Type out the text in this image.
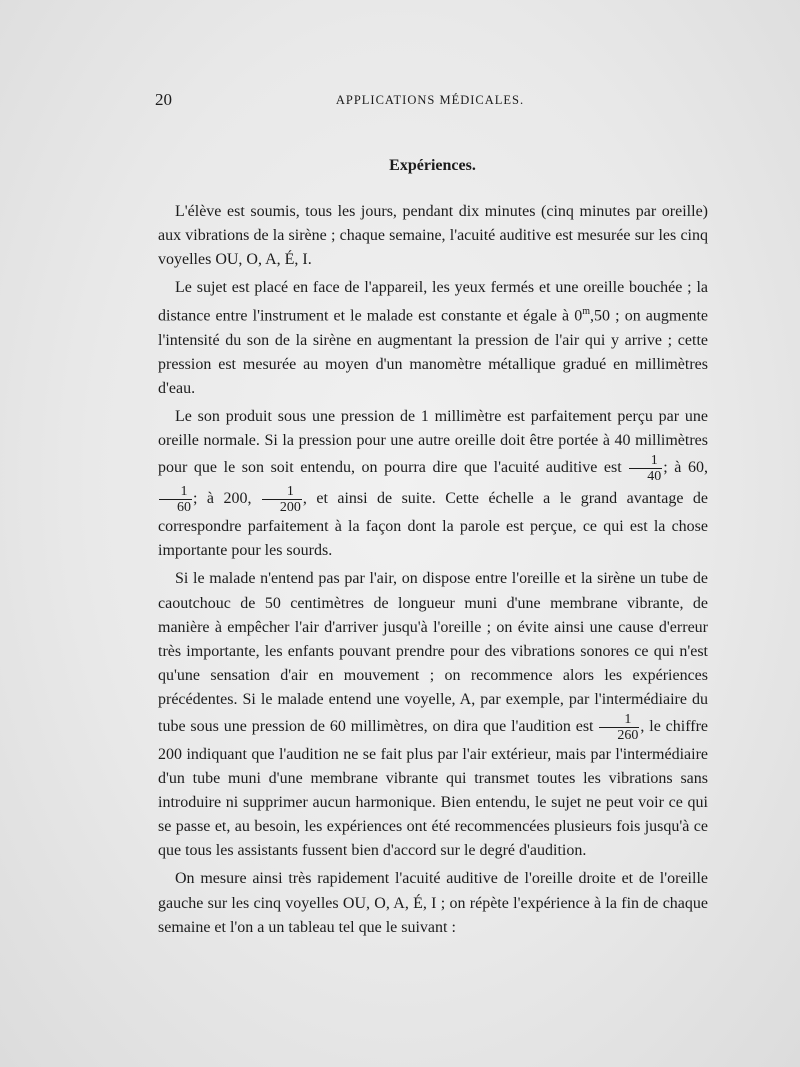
20	APPLICATIONS MÉDICALES.
Expériences.

L'élève est soumis, tous les jours, pendant dix minutes (cinq minutes par oreille) aux vibrations de la sirène ; chaque semaine, l'acuité auditive est mesurée sur les cinq voyelles OU, O, A, É, I.

Le sujet est placé en face de l'appareil, les yeux fermés et une oreille bouchée ; la distance entre l'instrument et le malade est constante et égale à 0$^m$,50 ; on augmente l'intensité du son de la sirène en augmentant la pression de l'air qui y arrive ; cette pression est mesurée au moyen d'un manomètre métallique gradué en millimètres d'eau.

Le son produit sous une pression de 1 millimètre est parfaitement perçu par une oreille normale. Si la pression pour une autre oreille doit être portée à 40 millimètres pour que le son soit entendu, on pourra dire que l'acuité auditive est $\frac{1}{40}$ ; à 60,
$\frac{1}{60}$ ; à 200, $\frac{1}{200}$ , et ainsi de suite. Cette échelle a le grand avantage de correspondre parfaitement à la façon dont la parole est perçue, ce qui est la chose importante pour les sourds.

Si le malade n'entend pas par l'air, on dispose entre l'oreille et la sirène un tube de caoutchouc de 50 centimètres de longueur muni d'une membrane vibrante, de manière à empêcher l'air d'arriver jusqu'à l'oreille ; on évite ainsi une cause d'erreur très importante, les enfants pouvant prendre pour des vibrations sonores ce qui n'est qu'une sensation d'air en mouvement ; on recommence alors les expériences précédentes. Si le malade entend une voyelle, A, par exemple, par l'intermédiaire du tube sous une pression de 60 millimètres, on dira que l'audition est $\frac{1}{260}$ , le chiffre 200 indiquant que l'audition ne se fait plus par l'air extérieur, mais par l'intermédiaire d'un tube muni d'une membrane vibrante qui transmet toutes les vibrations sans introduire ni supprimer aucun harmonique. Bien entendu, le sujet ne peut voir ce qui se passe et, au besoin, les expériences ont été recommencées plusieurs fois jusqu'à ce que tous les assistants fussent bien d'accord sur le degré d'audition.

On mesure ainsi très rapidement l'acuité auditive de l'oreille droite et de l'oreille gauche sur les cinq voyelles OU, O, A, É, I ; on répète l'expérience à la fin de chaque semaine et l'on a un tableau tel que le suivant :
